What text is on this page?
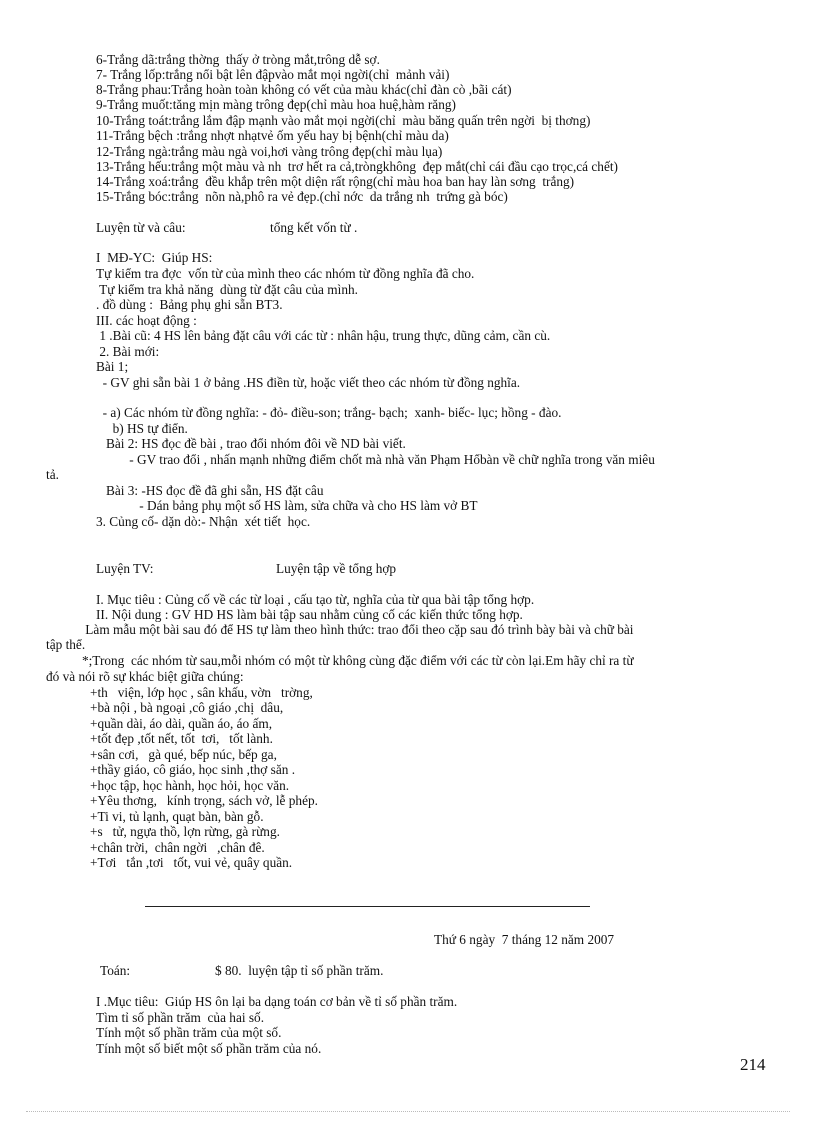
6-Trắng dã:trắng thờng  thấy ở tròng mắt,trông dễ sợ.
7- Trắng lốp:trắng nổi bật lên đậpvào mắt mọi ngời(chỉ  mảnh vải)
8-Trắng phau:Trắng hoàn toàn không có vết của màu khác(chỉ đàn cò ,bãi cát)
9-Trắng muốt:tăng mịn màng trông đẹp(chỉ màu hoa huệ,hàm răng)
10-Trắng toát:trắng lắm đập mạnh vào mắt mọi ngời(chỉ  màu băng quấn trên ngời  bị thơng)
11-Trắng bệch :trắng nhợt nhạtvẻ ốm yếu hay bị bệnh(chỉ màu da)
12-Trắng ngà:trắng màu ngà voi,hơi vàng trông đẹp(chỉ màu lụa)
13-Trắng hếu:trắng một màu và nh  trơ hết ra cả,tròngkhông  đẹp mắt(chỉ cái đầu cạo trọc,cá chết)
14-Trắng xoá:trắng  đều khắp trên một diện rất rộng(chỉ màu hoa ban hay làn sơng  trắng)
15-Trắng bóc:trắng  nõn nà,phô ra vẻ đẹp.(chỉ nớc  da trắng nh  trứng gà bóc)
Luyện từ và câu:	tổng kết vốn từ .
I  MĐ-YC:  Giúp HS:
Tự kiểm tra đợc  vốn từ của mình theo các nhóm từ đồng nghĩa đã cho.
Tự kiểm tra khả năng  dùng từ đặt câu của mình.
. đồ dùng :  Bảng phụ ghi sẵn BT3.
III. các hoạt động :
1 .Bài cũ: 4 HS lên bảng đặt câu với các từ : nhân hậu, trung thực, dũng cảm, cần cù.
2. Bài mới:
Bài 1;
- GV ghi sẵn bài 1 ở bảng .HS điền từ, hoặc viết theo các nhóm từ đồng nghĩa.
- a) Các nhóm từ đồng nghĩa: - đỏ- điều-son; trắng- bạch;  xanh- biếc- lục; hồng - đào.
b) HS tự điển.
Bài 2: HS đọc đề bài , trao đổi nhóm đôi về ND bài viết.
- GV trao đổi , nhấn mạnh những điểm chốt mà nhà văn Phạm Hổbàn về chữ nghĩa trong văn miêu
tả.
Bài 3: -HS đọc đề đã ghi sẵn, HS đặt câu
- Dán bảng phụ một số HS làm, sửa chữa và cho HS làm vở BT
3. Củng cố- dặn dò:- Nhận  xét tiết  học.
Luyện TV:	Luyện tập về tổng hợp
I. Mục tiêu : Củng cố về các từ loại , cấu tạo từ, nghĩa của từ qua bài tập tổng hợp.
II. Nội dung : GV HD HS làm bài tập sau nhằm củng cố các kiến thức tổng hợp.
Làm mẫu một bài sau đó để HS tự làm theo hình thức: trao đổi theo cặp sau đó trình bày bài và chữ bài
tập thể.
*;Trong  các nhóm từ sau,mỗi nhóm có một từ không cùng đặc điểm với các từ còn lại.Em hãy chỉ ra từ
đó và nói rõ sự khác biệt giữa chúng:
+th   viện, lớp học , sân khấu, vờn   trờng,
+bà nội , bà ngoại ,cô giáo ,chị  dâu,
+quần dài, áo dài, quần áo, áo ấm,
+tốt đẹp ,tốt nết, tốt  tơi,   tốt lành.
+sân cơi,   gà qué, bếp núc, bếp ga,
+thầy giáo, cô giáo, học sinh ,thợ săn .
+học tập, học hành, học hỏi, học văn.
+Yêu thơng,   kính trọng, sách vở, lễ phép.
+Ti vi, tủ lạnh, quạt bàn, bàn gỗ.
+s   tử, ngựa thồ, lợn rừng, gà rừng.
+chân trời,  chân ngời   ,chân đê.
+Tơi   tắn ,tơi   tốt, vui vẻ, quây quần.
Thứ 6 ngày  7 tháng 12 năm 2007
Toán:	$ 80.  luyện tập tỉ số phần trăm.
I .Mục tiêu:  Giúp HS ôn lại ba dạng toán cơ bản về tỉ số phần trăm.
Tìm tỉ số phần trăm  của hai số.
Tính một số phần trăm của một số.
Tính một số biết một số phần trăm của nó.
214
